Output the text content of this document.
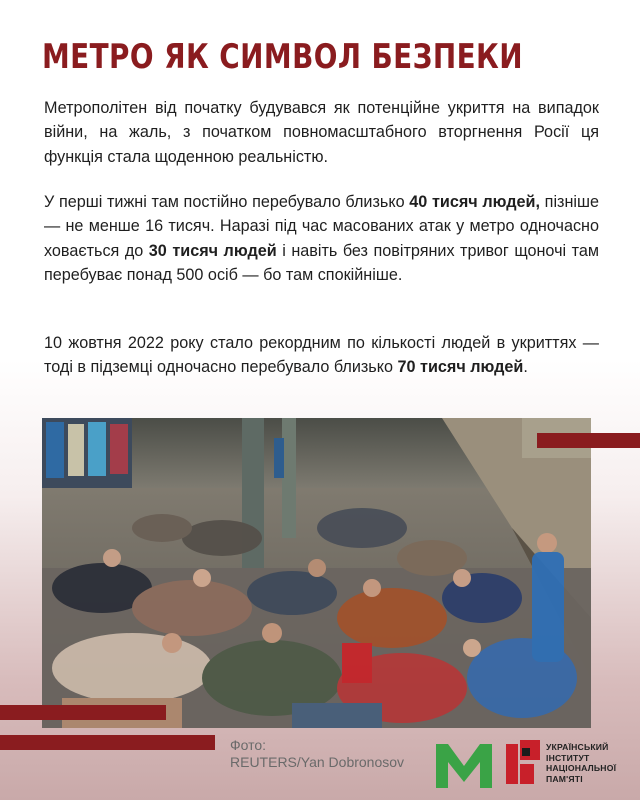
МЕТРО ЯК СИМВОЛ БЕЗПЕКИ
Метрополітен від початку будувався як потенційне укриття на випадок війни, на жаль, з початком повномасштабного вторгнення Росії ця функція стала щоденною реальністю.
У перші тижні там постійно перебувало близько 40 тисяч людей, пізніше — не менше 16 тисяч. Наразі під час масованих атак у метро одночасно ховається до 30 тисяч людей і навіть без повітряних тривог щоночі там перебуває понад 500 осіб — бо там спокійніше.
10 жовтня 2022 року стало рекордним по кількості людей в укриттях — тоді в підземці одночасно перебувало близько 70 тисяч людей.
Фото:
REUTERS/Yan Dobronosov
УКРАЇНСЬКИЙ
ІНСТИТУТ
НАЦІОНАЛЬНОЇ
ПАМ'ЯТІ
